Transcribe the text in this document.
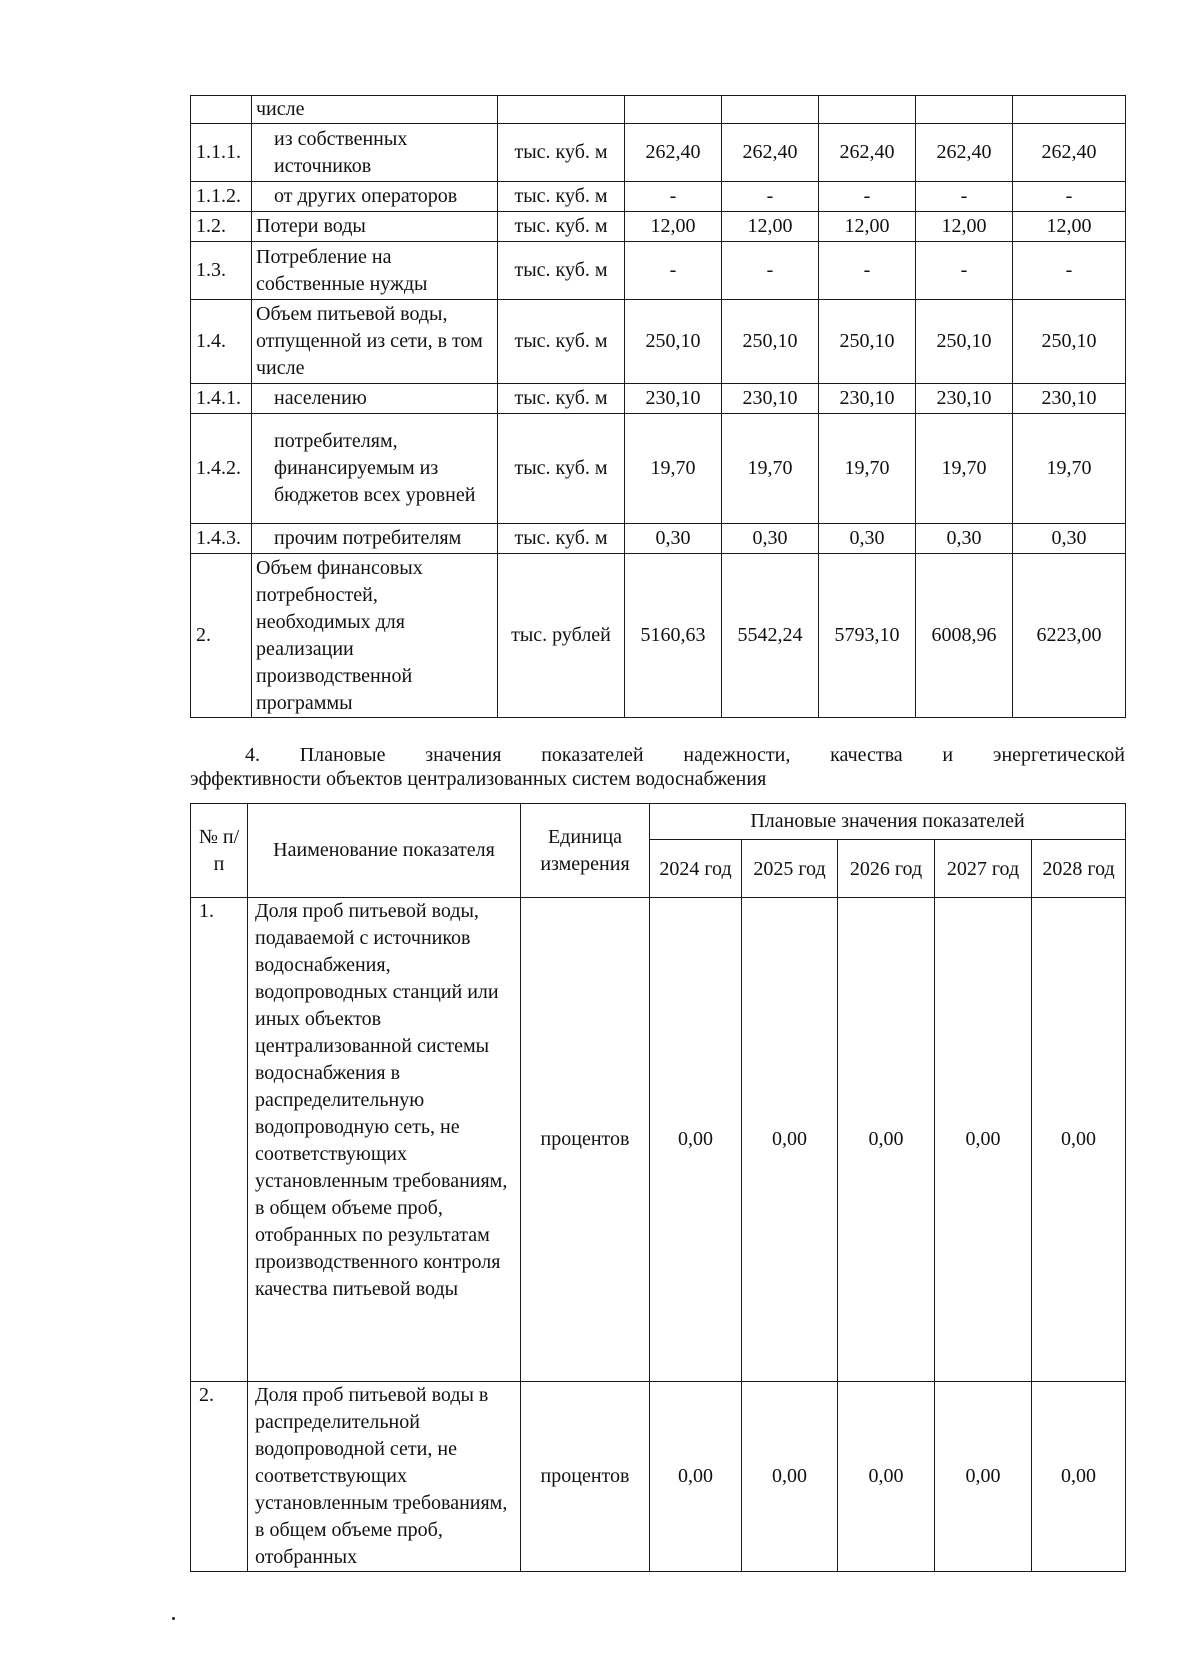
	числе						
1.1.1.	из собственных источников	тыс. куб. м	262,40	262,40	262,40	262,40	262,40
1.1.2.	от других операторов	тыс. куб. м	-	-	-	-	-
1.2.	Потери воды	тыс. куб. м	12,00	12,00	12,00	12,00	12,00
1.3.	Потребление на собственные нужды	тыс. куб. м	-	-	-	-	-
1.4.	Объем питьевой воды, отпущенной из сети, в том числе	тыс. куб. м	250,10	250,10	250,10	250,10	250,10
1.4.1.	населению	тыс. куб. м	230,10	230,10	230,10	230,10	230,10
1.4.2.	потребителям, финансируемым из бюджетов всех уровней	тыс. куб. м	19,70	19,70	19,70	19,70	19,70
1.4.3.	прочим потребителям	тыс. куб. м	0,30	0,30	0,30	0,30	0,30
2.	Объем финансовых потребностей, необходимых для реализации производственной программы	тыс. рублей	5160,63	5542,24	5793,10	6008,96	6223,00
4. Плановые значения показателей надежности, качества и энергетической
эффективности объектов централизованных систем водоснабжения
№ п/ п	Наименование показателя	Единица измерения	Плановые значения показателей				
			2024 год	2025 год	2026 год	2027 год	2028 год
1.	Доля проб питьевой воды, подаваемой с источников водоснабжения, водопроводных станций или иных объектов централизованной системы водоснабжения в распределительную водопроводную сеть, не соответствующих установленным требованиям, в общем объеме проб, отобранных по результатам производственного контроля качества питьевой воды	процентов	0,00	0,00	0,00	0,00	0,00
2.	Доля проб питьевой воды в распределительной водопроводной сети, не соответствующих установленным требованиям, в общем объеме проб, отобранных	процентов	0,00	0,00	0,00	0,00	0,00
